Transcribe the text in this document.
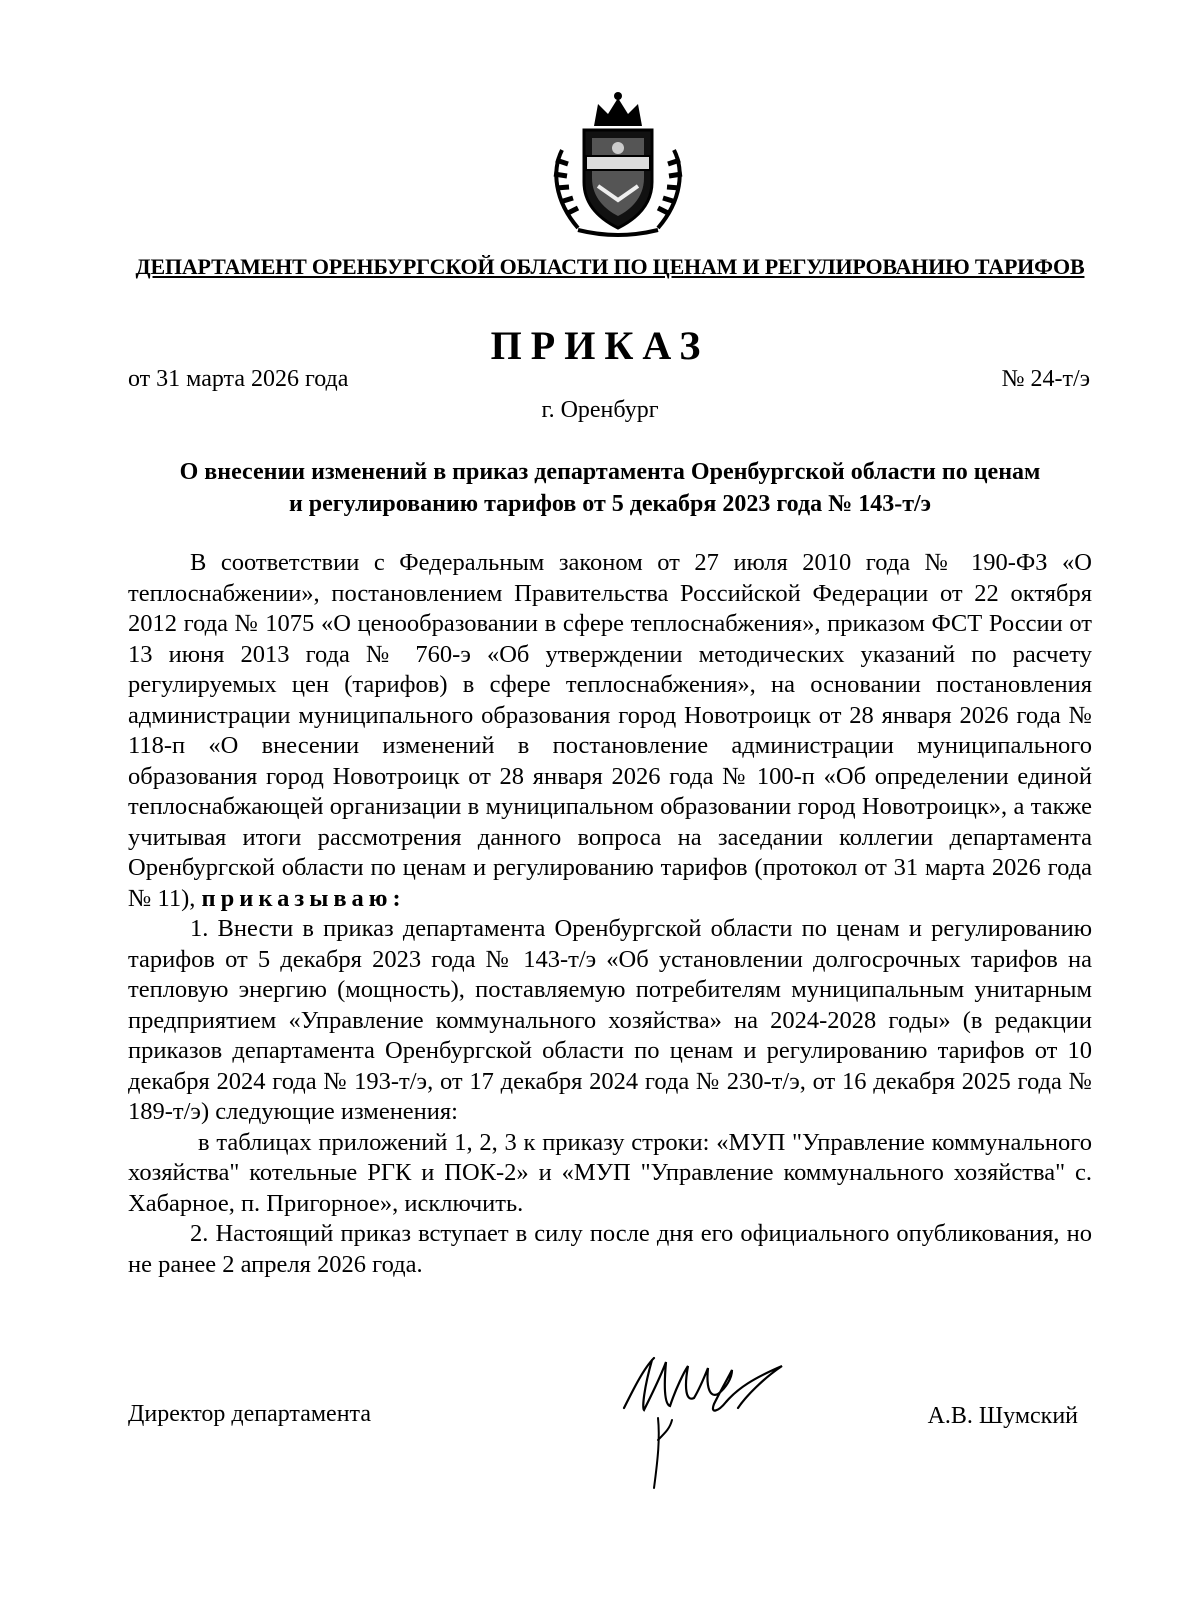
ДЕПАРТАМЕНТ ОРЕНБУРГСКОЙ ОБЛАСТИ ПО ЦЕНАМ И РЕГУЛИРОВАНИЮ ТАРИФОВ
ПРИКАЗ
от 31 марта 2026 года	№ 24-т/э
г. Оренбург
О внесении изменений в приказ департамента Оренбургской области по ценам
и регулированию тарифов от 5 декабря 2023 года № 143-т/э

В соответствии с Федеральным законом от 27 июля 2010 года № 190-ФЗ «О теплоснабжении», постановлением Правительства Российской Федерации от 22 октября 2012 года № 1075 «О ценообразовании в сфере теплоснабжения», приказом ФСТ России от 13 июня 2013 года № 760-э «Об утверждении методических указаний по расчету регулируемых цен (тарифов) в сфере теплоснабжения», на основании постановления администрации муниципального образования город Новотроицк от 28 января 2026 года № 118-п «О внесении изменений в постановление администрации муниципального образования город Новотроицк от 28 января 2026 года № 100-п «Об определении единой теплоснабжающей организации в муниципальном образовании город Новотроицк», а также учитывая итоги рассмотрения данного вопроса на заседании коллегии департамента Оренбургской области по ценам и регулированию тарифов (протокол от 31 марта 2026 года № 11), приказываю:

1. Внести в приказ департамента Оренбургской области по ценам и регулированию тарифов от 5 декабря 2023 года № 143-т/э «Об установлении долгосрочных тарифов на тепловую энергию (мощность), поставляемую потребителям муниципальным унитарным предприятием «Управление коммунального хозяйства» на 2024-2028 годы» (в редакции приказов департамента Оренбургской области по ценам и регулированию тарифов от 10 декабря 2024 года № 193-т/э, от 17 декабря 2024 года № 230-т/э, от 16 декабря 2025 года № 189-т/э) следующие изменения:

в таблицах приложений 1, 2, 3 к приказу строки: «МУП "Управление коммунального хозяйства" котельные РГК и ПОК-2» и «МУП "Управление коммунального хозяйства" с. Хабарное, п. Пригорное», исключить.

2. Настоящий приказ вступает в силу после дня его официального опубликования, но не ранее 2 апреля 2026 года.

Директор департамента	А.В. Шумский
